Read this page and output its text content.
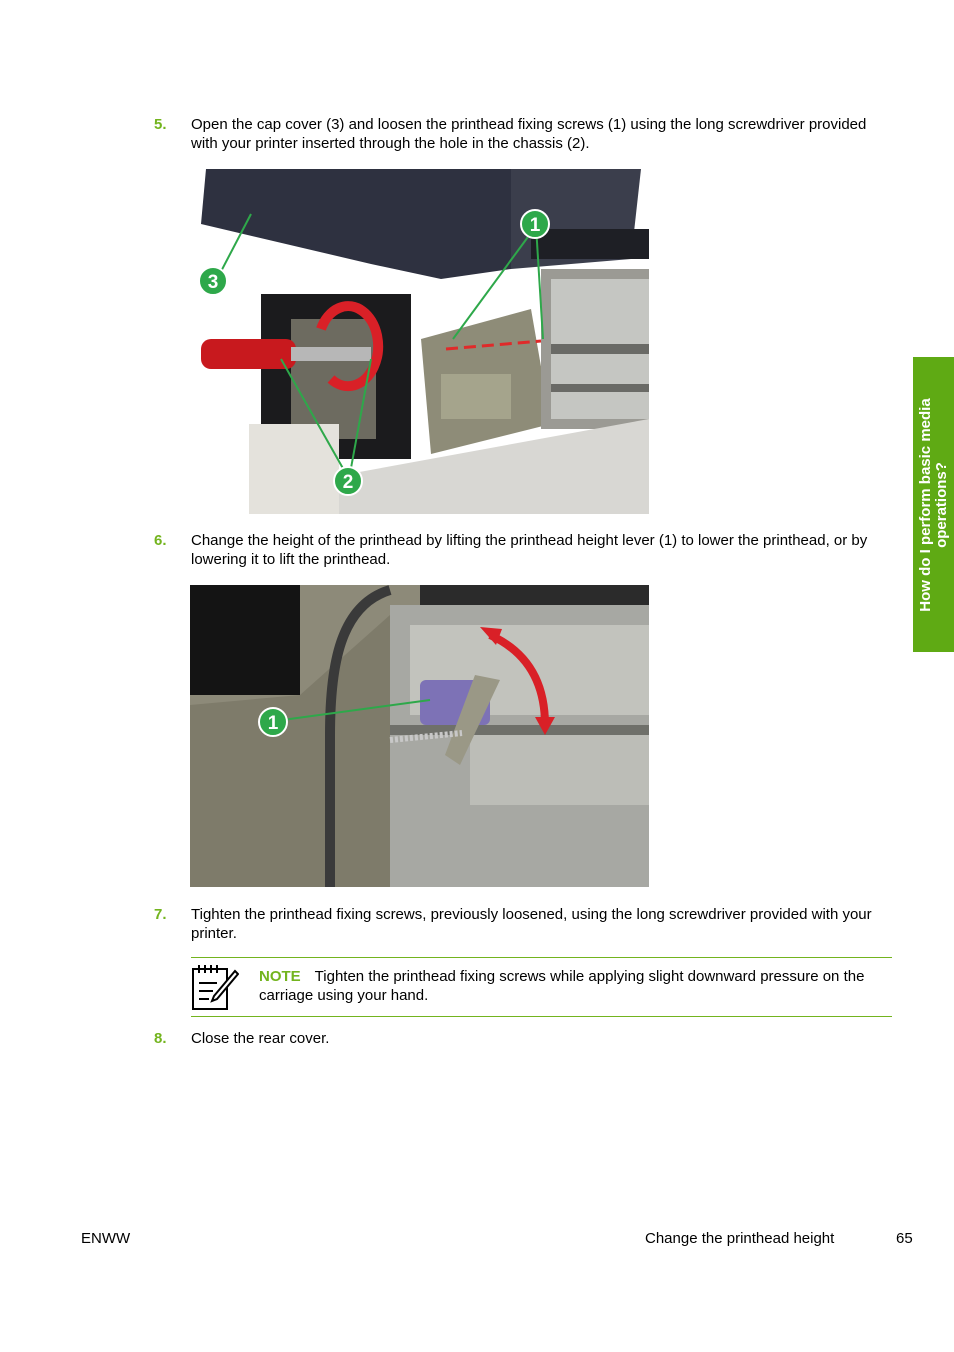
How do I perform basic media operations?
5. Open the cap cover (3) and loosen the printhead fixing screws (1) using the long screwdriver provided with your printer inserted through the hole in the chassis (2).
3
1
2
6. Change the height of the printhead by lifting the printhead height lever (1) to lower the printhead, or by lowering it to lift the printhead.
1
7. Tighten the printhead fixing screws, previously loosened, using the long screwdriver provided with your printer.
NOTE Tighten the printhead fixing screws while applying slight downward pressure on the carriage using your hand.
8. Close the rear cover.
ENWW	Change the printhead height	65
